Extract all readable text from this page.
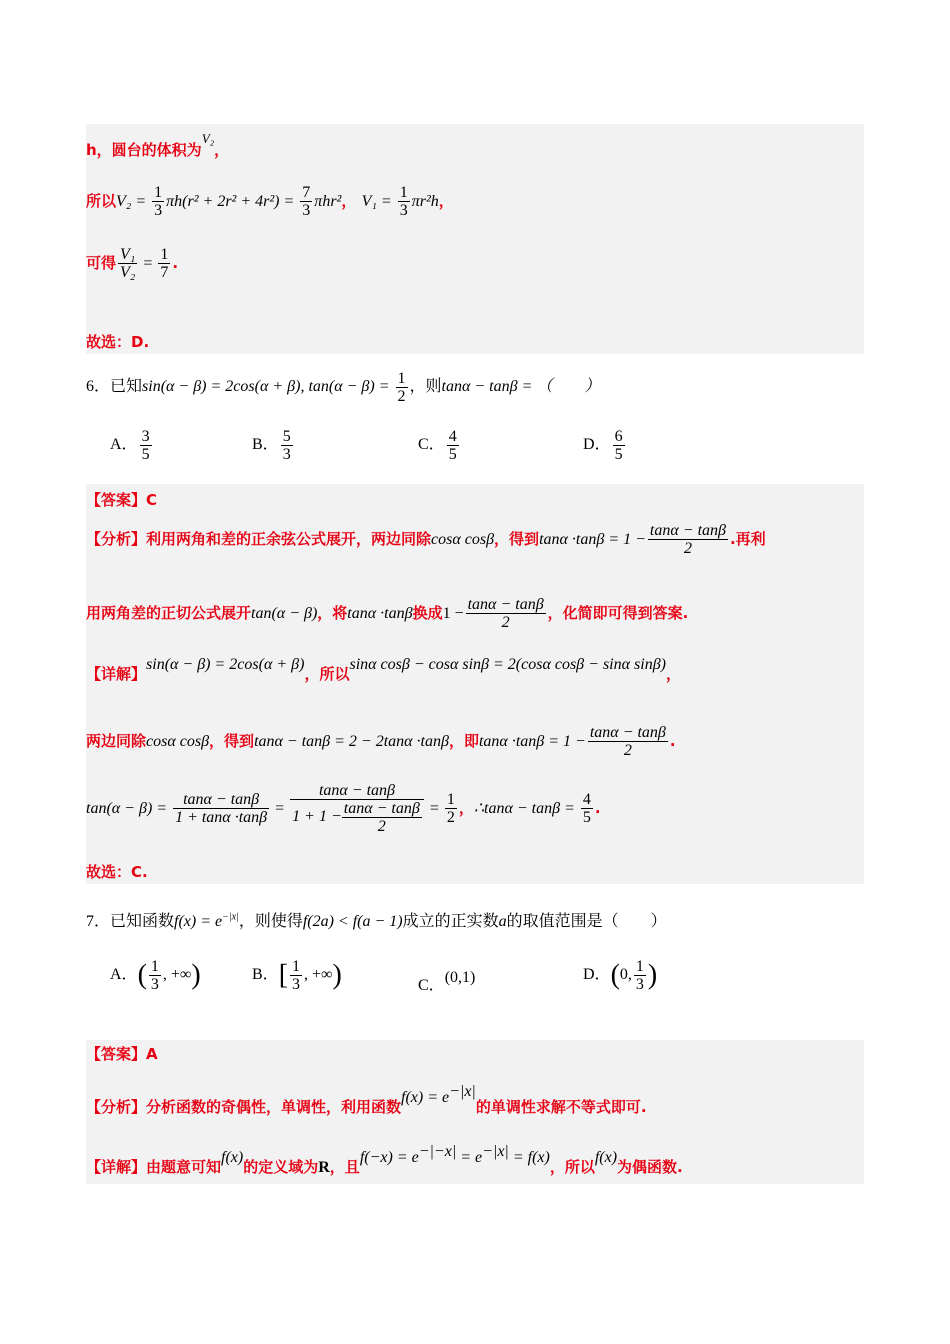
h，圆台的体积为V₂，
所以$V_2 = \frac{1}{3} \pi h(r^2 + 2r^2 + 4r^2) = \frac{7}{3} \pi hr^2$， $V_1 = \frac{1}{3} \pi r^2h$，
可得 $\frac{\text{V₁}}{\text{V₂}} = \frac{1}{7}$ .
故选：D.
6．已知sin(α − β) = 2cos(α + β), $\tan(\alpha - \beta) = \frac{1}{2}$ ，则tanα − tanβ = （　　）
A． $\frac{3}{5}$	B． $\frac{5}{3}$	C． $\frac{4}{5}$	D． $\frac{6}{5}$
【答案】C
【分析】利用两角和差的正余弦公式展开，两边同除cosα cosβ，得到$\tan\alpha \cdot\tan\beta = 1 - \frac{\tan\alpha - \tan\beta}{2}$ .再利
用两角差的正切公式展开tan(α − β)，将tanα ·tanβ换成$1 - \frac{\tan\alpha - \tan\beta}{2}$ ，化简即可得到答案.
【详解】sin(α − β) = 2cos(α + β)，所以sinα cosβ − cosα sinβ = 2(cosα cosβ − sinα sinβ)，
两边同除cosα cosβ，得到tanα − tanβ = 2 − 2tanα ·tanβ，即$\tan\alpha \cdot\tan\beta = 1 - \frac{\tan\alpha - \tan\beta}{2}$ .
$\tan(\alpha - \beta) = \frac{\tan\alpha - \tan\beta}{1 + \tan\alpha \cdot\tan\beta} = \frac{\tan\alpha - \tan\beta}{1 + 1 - \frac{\tan\alpha - \tan\beta}{2}} = \frac{1}{2}$ ，∴tanα − $\tan\beta = \frac{4}{5}$ .
故选：C.
7．已知函数$f(x) = e^{-|x|}$，则使得f(2a) < f(a − 1)成立的正实数a的取值范围是（　　）
A．( $\frac{1}{3}$ , +∞)	B．[ $\frac{1}{3}$ , +∞)	C．(0,1)	D．(0, $\frac{1}{3}$ )
【答案】A
【分析】分析函数的奇偶性，单调性，利用函数$f(x) = e^{-|x|}$的单调性求解不等式即可.
【详解】由题意可知f(x)的定义域为R，且$f(-x) = e^{-|-x|} = e^{-|x|} = f(x)$，所以f(x)为偶函数.
